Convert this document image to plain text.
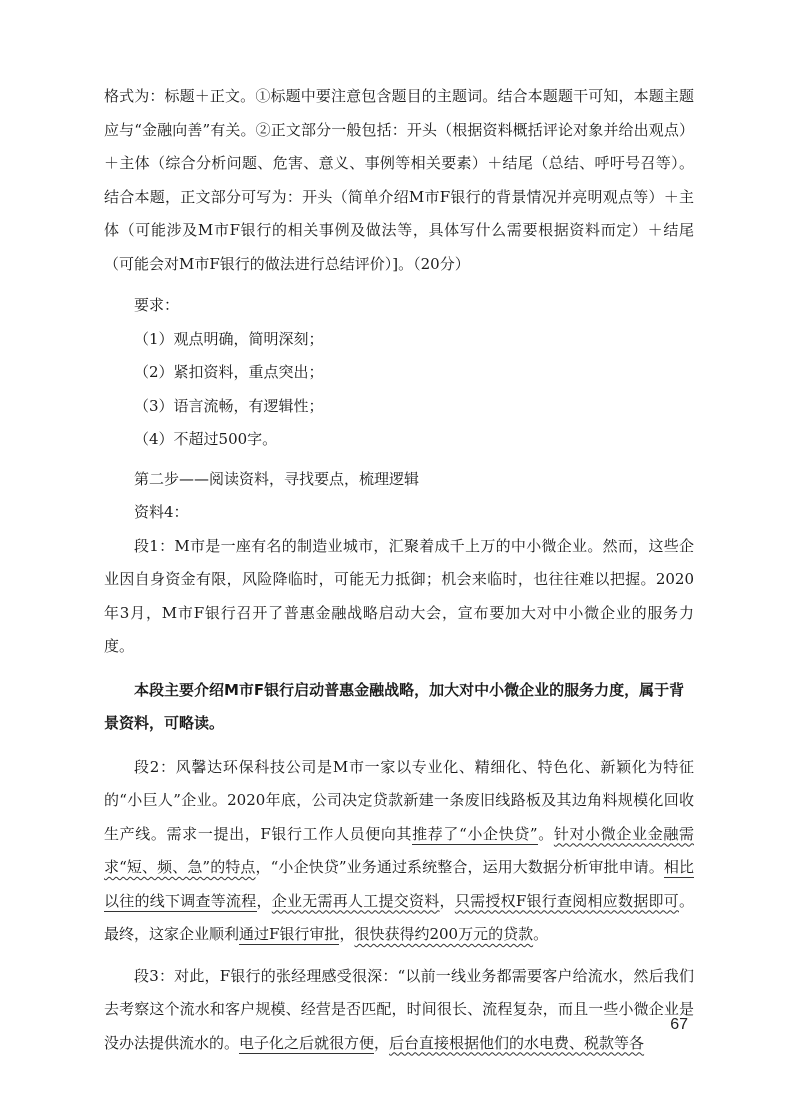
格式为：标题＋正文。①标题中要注意包含题目的主题词。结合本题题干可知，本题主题应与“金融向善”有关。②正文部分一般包括：开头（根据资料概括评论对象并给出观点）＋主体（综合分析问题、危害、意义、事例等相关要素）＋结尾（总结、呼吁号召等）。结合本题，正文部分可写为：开头（简单介绍M市F银行的背景情况并亮明观点等）＋主体（可能涉及M市F银行的相关事例及做法等，具体写什么需要根据资料而定）＋结尾（可能会对M市F银行的做法进行总结评价）]。（20分）

要求：

（1）观点明确，简明深刻；

（2）紧扣资料，重点突出；

（3）语言流畅，有逻辑性；

（4）不超过500字。

第二步——阅读资料，寻找要点，梳理逻辑

资料4：

段1：M市是一座有名的制造业城市，汇聚着成千上万的中小微企业。然而，这些企业因自身资金有限，风险降临时，可能无力抵御；机会来临时，也往往难以把握。2020年3月，M市F银行召开了普惠金融战略启动大会，宣布要加大对中小微企业的服务力度。

本段主要介绍M市F银行启动普惠金融战略，加大对中小微企业的服务力度，属于背景资料，可略读。

段2：风馨达环保科技公司是M市一家以专业化、精细化、特色化、新颖化为特征的“小巨人”企业。2020年底，公司决定贷款新建一条废旧线路板及其边角料规模化回收生产线。需求一提出，F银行工作人员便向其推荐了“小企快贷”。针对小微企业金融需求“短、频、急”的特点，“小企快贷”业务通过系统整合，运用大数据分析审批申请。相比以往的线下调查等流程，企业无需再人工提交资料，只需授权F银行查阅相应数据即可。最终，这家企业顺利通过F银行审批，很快获得约200万元的贷款。

段3：对此，F银行的张经理感受很深：“以前一线业务都需要客户给流水，然后我们去考察这个流水和客户规模、经营是否匹配，时间很长、流程复杂，而且一些小微企业是没办法提供流水的。电子化之后就很方便，后台直接根据他们的水电费、税款等各

67
